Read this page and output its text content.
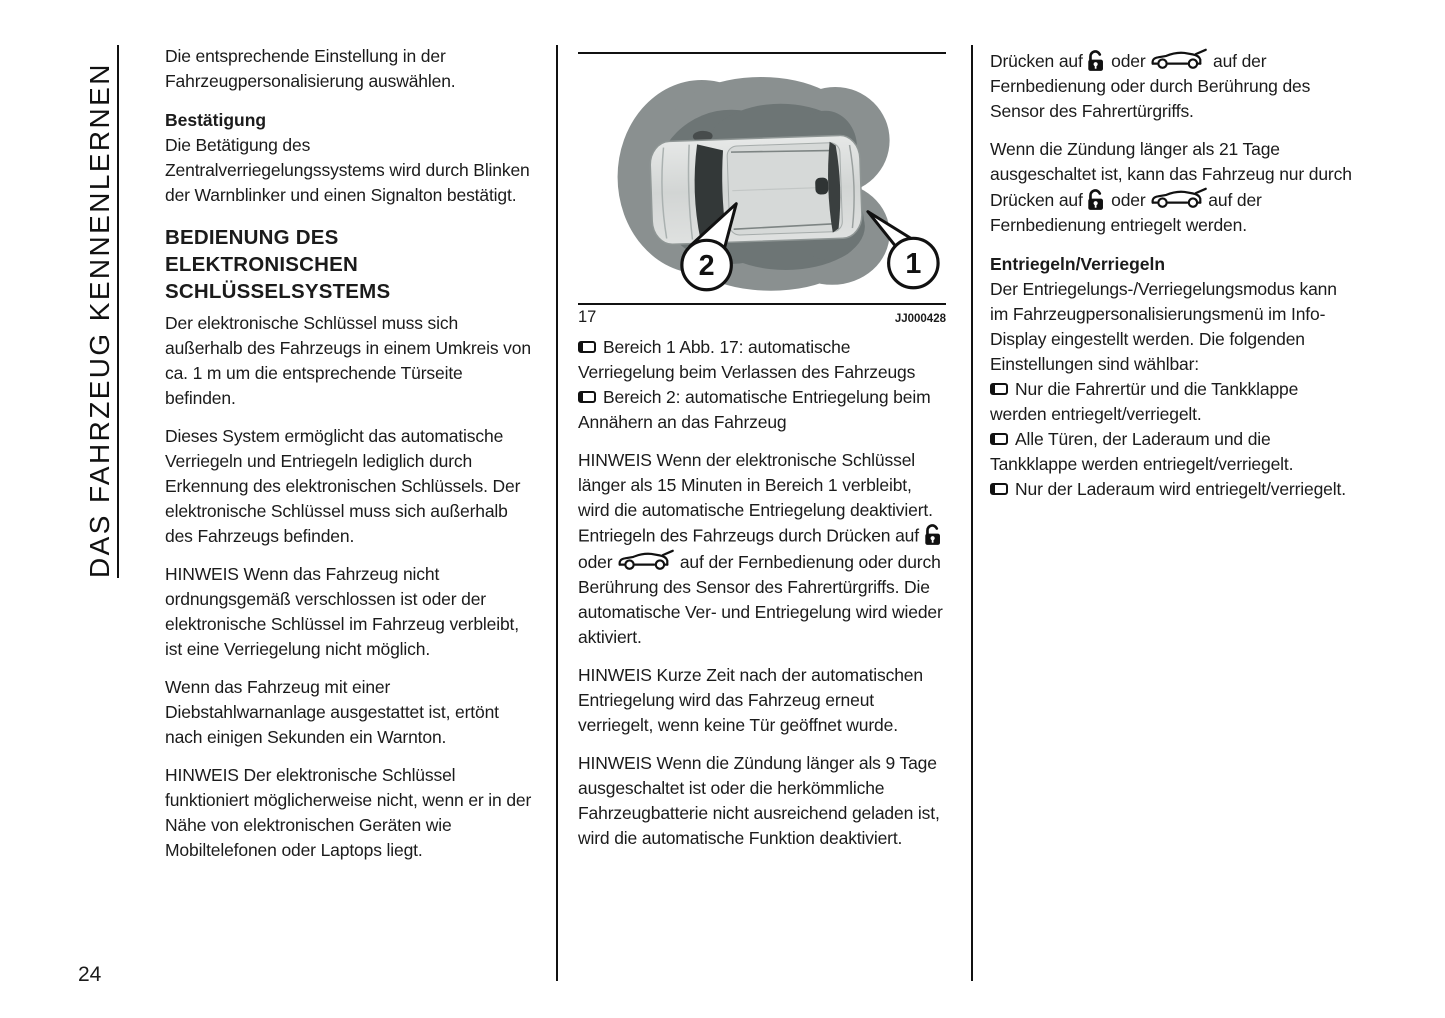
DAS FAHRZEUG KENNENLERNEN

Die entsprechende Einstellung in der Fahrzeugpersonalisierung auswählen.

Bestätigung

Die Betätigung des Zentralverriegelungssystems wird durch Blinken der Warnblinker und einen Signalton bestätigt.

BEDIENUNG DES ELEKTRONISCHEN SCHLÜSSELSYSTEMS

Der elektronische Schlüssel muss sich außerhalb des Fahrzeugs in einem Umkreis von ca. 1 m um die entsprechende Türseite befinden.

Dieses System ermöglicht das automatische Verriegeln und Entriegeln lediglich durch Erkennung des elektronischen Schlüssels. Der elektronische Schlüssel muss sich außerhalb des Fahrzeugs befinden.

HINWEIS Wenn das Fahrzeug nicht ordnungsgemäß verschlossen ist oder der elektronische Schlüssel im Fahrzeug verbleibt, ist eine Verriegelung nicht möglich.

Wenn das Fahrzeug mit einer Diebstahlwarnanlage ausgestattet ist, ertönt nach einigen Sekunden ein Warnton.

HINWEIS Der elektronische Schlüssel funktioniert möglicherweise nicht, wenn er in der Nähe von elektronischen Geräten wie Mobiltelefonen oder Laptops liegt.

2	1
17	JJ000428

Bereich 1 Abb. 17: automatische Verriegelung beim Verlassen des Fahrzeugs

Bereich 2: automatische Entriegelung beim Annähern an das Fahrzeug

HINWEIS Wenn der elektronische Schlüssel länger als 15 Minuten in Bereich 1 verbleibt, wird die automatische Entriegelung deaktiviert. Entriegeln des Fahrzeugs durch Drücken auf  oder	auf der Fernbedienung oder durch Berührung des Sensor des Fahrertürgriffs. Die automatische Ver- und Entriegelung wird wieder aktiviert.

HINWEIS Kurze Zeit nach der automatischen Entriegelung wird das Fahrzeug erneut verriegelt, wenn keine Tür geöffnet wurde.

HINWEIS Wenn die Zündung länger als 9 Tage ausgeschaltet ist oder die herkömmliche Fahrzeugbatterie nicht ausreichend geladen ist, wird die automatische Funktion deaktiviert.

Drücken auf  oder	auf der Fernbedienung oder durch Berührung des Sensor des Fahrertürgriffs.

Wenn die Zündung länger als 21 Tage ausgeschaltet ist, kann das Fahrzeug nur durch Drücken auf  oder	auf der Fernbedienung entriegelt werden.

Entriegeln/Verriegeln

Der Entriegelungs-/Verriegelungsmodus kann im Fahrzeugpersonalisierungsmenü im Info-Display eingestellt werden. Die folgenden Einstellungen sind wählbar:

Nur die Fahrertür und die Tankklappe werden entriegelt/verriegelt.

Alle Türen, der Laderaum und die Tankklappe werden entriegelt/verriegelt.

Nur der Laderaum wird entriegelt/verriegelt.

24
